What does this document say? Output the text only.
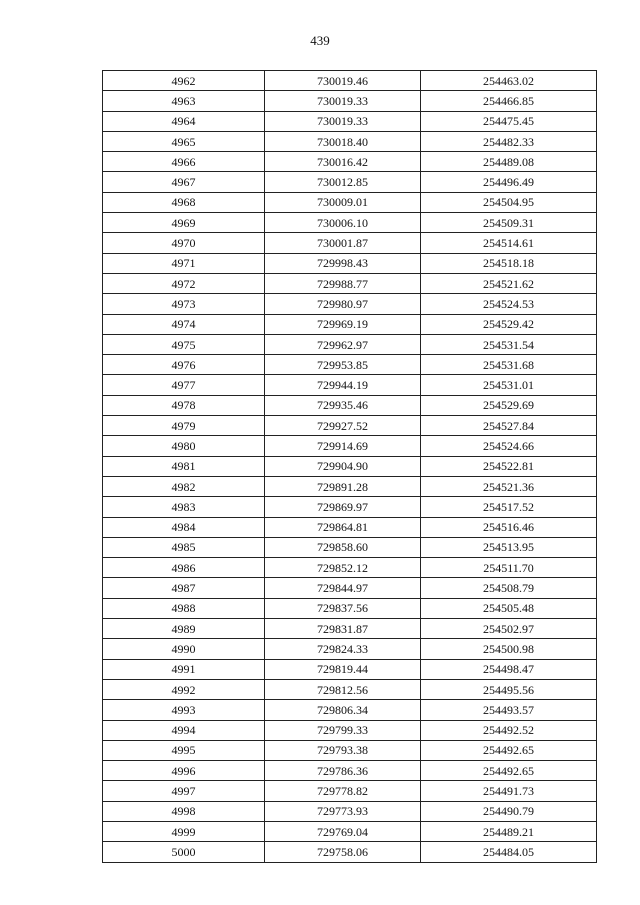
439
4962	730019.46	254463.02
4963	730019.33	254466.85
4964	730019.33	254475.45
4965	730018.40	254482.33
4966	730016.42	254489.08
4967	730012.85	254496.49
4968	730009.01	254504.95
4969	730006.10	254509.31
4970	730001.87	254514.61
4971	729998.43	254518.18
4972	729988.77	254521.62
4973	729980.97	254524.53
4974	729969.19	254529.42
4975	729962.97	254531.54
4976	729953.85	254531.68
4977	729944.19	254531.01
4978	729935.46	254529.69
4979	729927.52	254527.84
4980	729914.69	254524.66
4981	729904.90	254522.81
4982	729891.28	254521.36
4983	729869.97	254517.52
4984	729864.81	254516.46
4985	729858.60	254513.95
4986	729852.12	254511.70
4987	729844.97	254508.79
4988	729837.56	254505.48
4989	729831.87	254502.97
4990	729824.33	254500.98
4991	729819.44	254498.47
4992	729812.56	254495.56
4993	729806.34	254493.57
4994	729799.33	254492.52
4995	729793.38	254492.65
4996	729786.36	254492.65
4997	729778.82	254491.73
4998	729773.93	254490.79
4999	729769.04	254489.21
5000	729758.06	254484.05
